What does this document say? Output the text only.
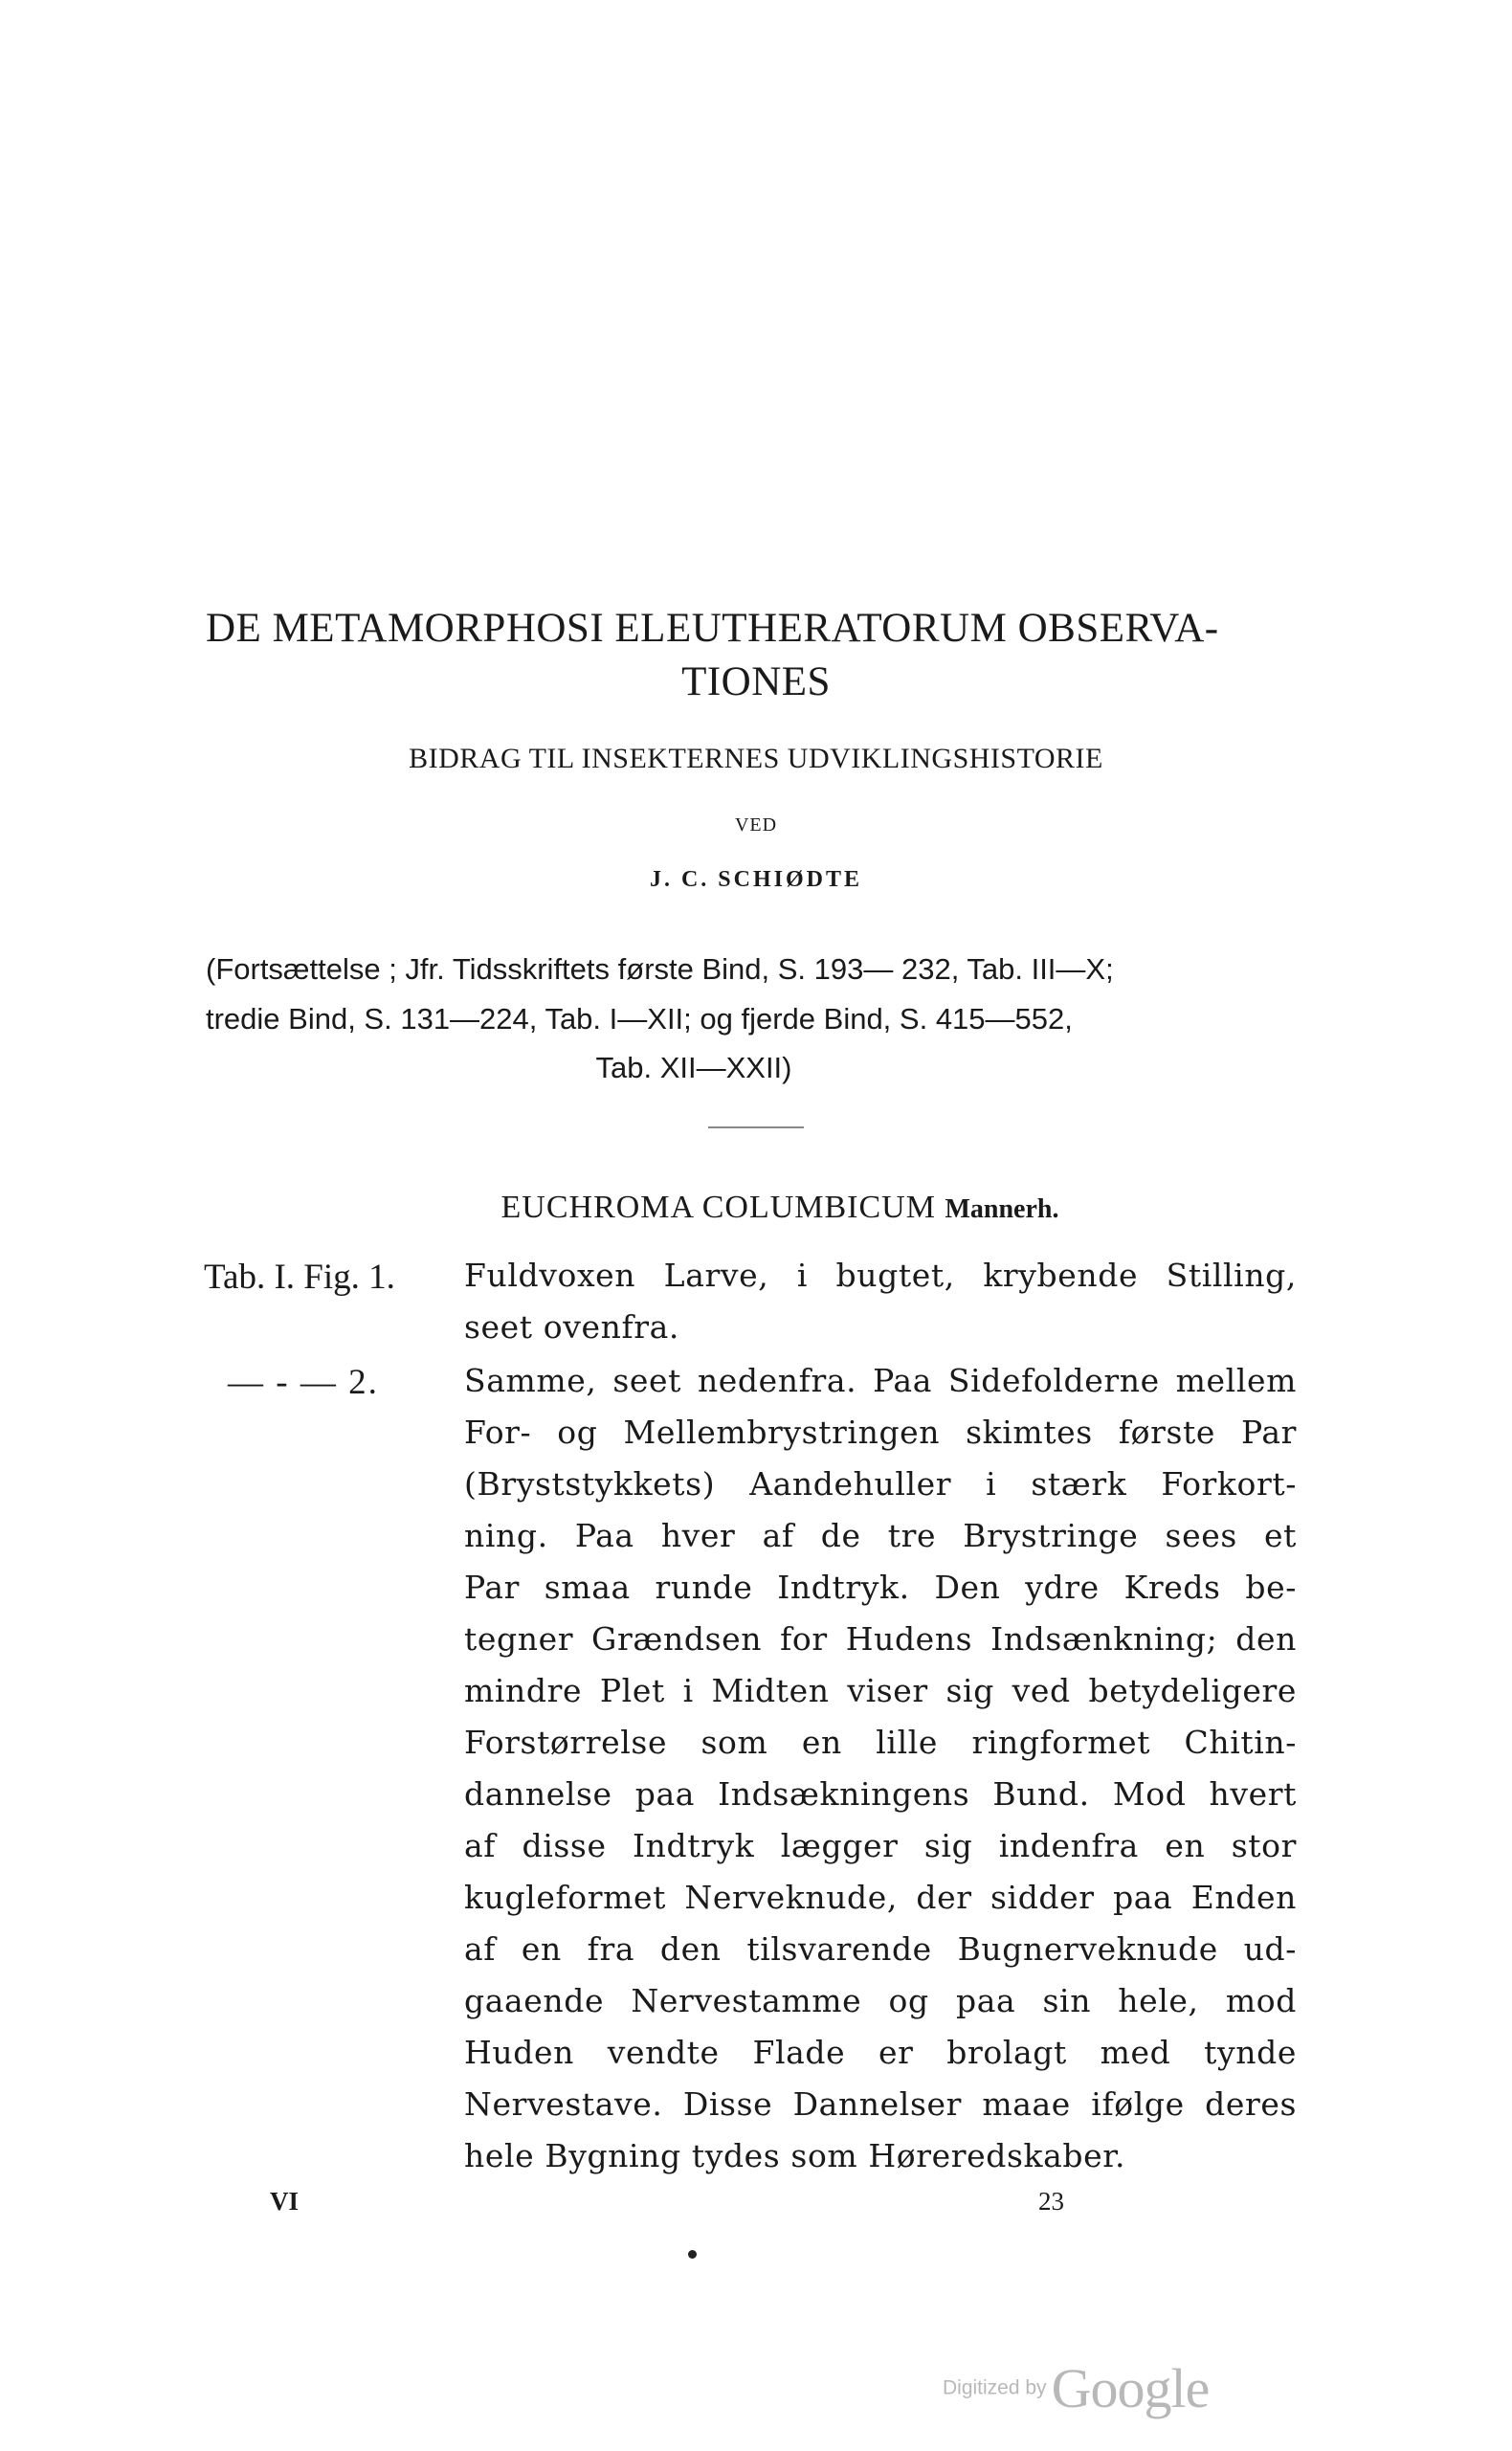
DE METAMORPHOSI ELEUTHERATORUM OBSERVA-
TIONES
BIDRAG TIL INSEKTERNES UDVIKLINGSHISTORIE
VED
J. C. SCHIØDTE
(Fortsættelse ; Jfr. Tidsskriftets første Bind, S. 193— 232, Tab. III—X;
tredie Bind, S. 131—224, Tab. I—XII; og fjerde Bind, S. 415—552,
Tab. XII—XXII)
EUCHROMA COLUMBICUM Mannerh.
Tab. I. Fig. 1. Fuldvoxen Larve, i bugtet, krybende Stilling,
seet ovenfra.
— - — 2.	Samme, seet nedenfra. Paa Sidefolderne mellem
For- og Mellembrystringen skimtes første Par
(Bryststykkets) Aandehuller i stærk Forkort-
ning. Paa hver af de tre Brystringe sees et
Par smaa runde Indtryk. Den ydre Kreds be-
tegner Grændsen for Hudens Indsænkning; den
mindre Plet i Midten viser sig ved betydeligere
Forstørrelse som en lille ringformet Chitin-
dannelse paa Indsækningens Bund. Mod hvert
af disse Indtryk lægger sig indenfra en stor
kugleformet Nerveknude, der sidder paa Enden
af en fra den tilsvarende Bugnerveknude ud-
gaaende Nervestamme og paa sin hele, mod
Huden vendte Flade er brolagt med tynde
Nervestave. Disse Dannelser maae ifølge deres
hele Bygning tydes som Høreredskaber.
VI	23
Digitized by Google
